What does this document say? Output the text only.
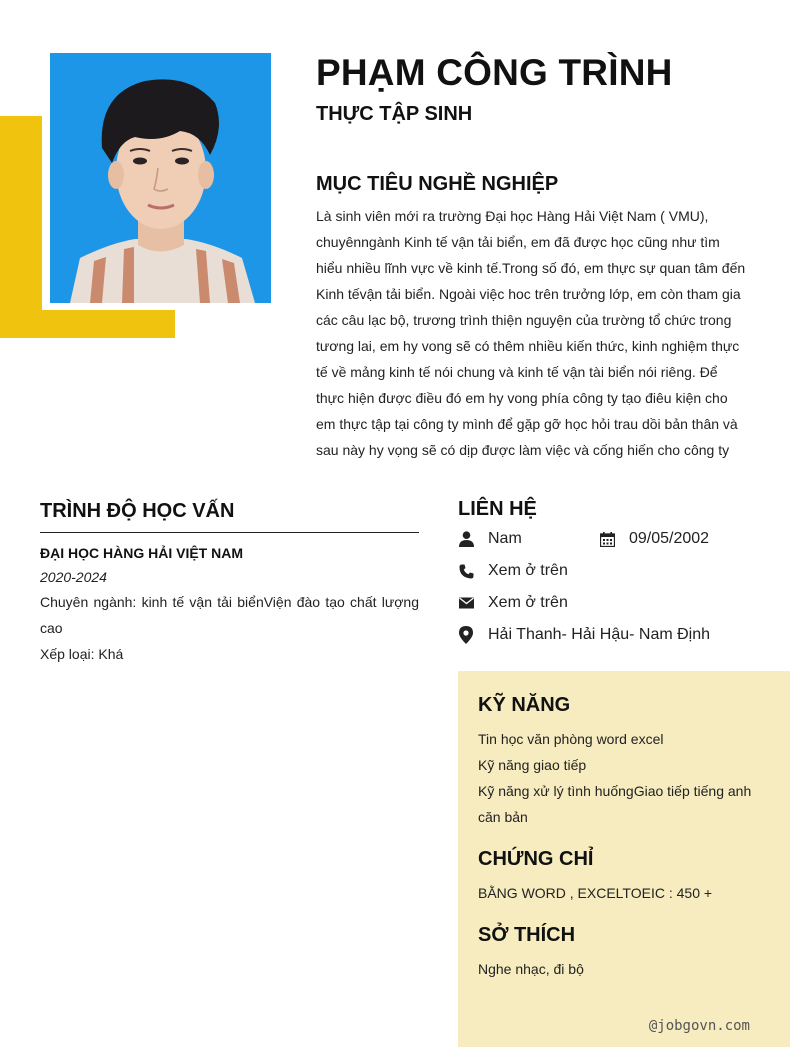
PHẠM CÔNG TRÌNH
THỰC TẬP SINH
MỤC TIÊU NGHỀ NGHIỆP
Là sinh viên mới ra trường Đại học Hàng Hải Việt Nam ( VMU), chuyênngành Kinh tế vận tải biển, em đã được học cũng như tìm hiểu nhiều lĩnh vực về kinh tế.Trong số đó, em thực sự quan tâm đến Kinh tếvận tải biển. Ngoài việc hoc trên trưởng lớp, em còn tham gia các câu lạc bộ, trương trình thiện nguyện của trường tổ chức trong tương lai, em hy vong sẽ có thêm nhiều kiến thức, kinh nghiệm thực tế về mảng kinh tế nói chung và kinh tế vận tài biển nói riêng. Để thực hiện được điều đó em hy vong phía công ty tạo điêu kiện cho em thực tập tại công ty mình để gặp gỡ học hỏi trau dồi bản thân và sau này hy vọng sẽ có dịp được làm việc và cống hiến cho công ty
TRÌNH ĐỘ HỌC VẤN
ĐẠI HỌC HÀNG HẢI VIỆT NAM
2020-2024
Chuyên ngành: kinh tế vận tải biểnViện đào tạo chất lượng cao
Xếp loại: Khá
LIÊN HỆ
Nam	09/05/2002
Xem ở trên
Xem ở trên
Hải Thanh- Hải Hậu- Nam Định
KỸ NĂNG
Tin học văn phòng word excel
Kỹ năng giao tiếp
Kỹ năng xử lý tình huốngGiao tiếp tiếng anh căn bản
CHỨNG CHỈ
BẰNG WORD , EXCELTOEIC : 450 +
SỞ THÍCH
Nghe nhạc, đi bộ
@jobgovn.com
